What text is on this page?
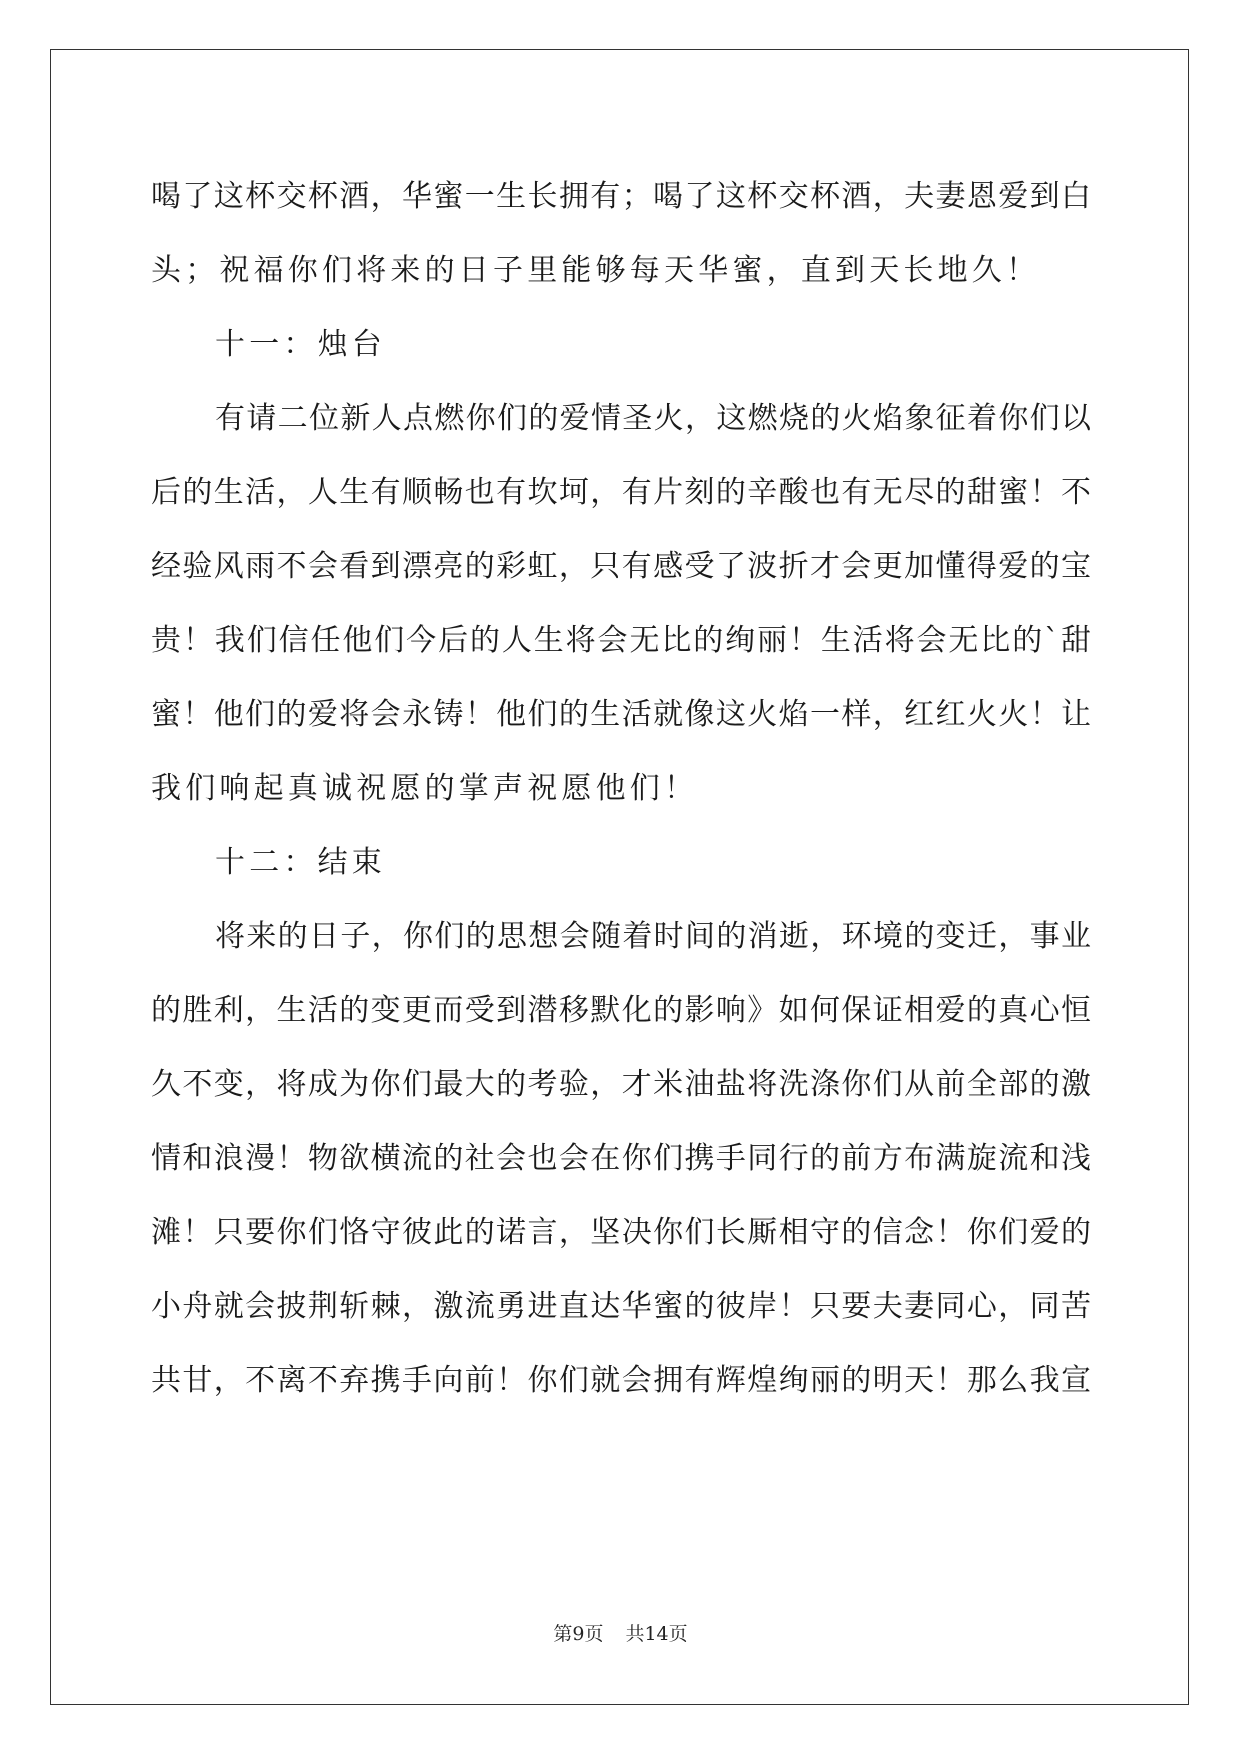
喝了这杯交杯酒，华蜜一生长拥有；喝了这杯交杯酒，夫妻恩爱到白
头；祝福你们将来的日子里能够每天华蜜，直到天长地久！
十一：烛台
有请二位新人点燃你们的爱情圣火，这燃烧的火焰象征着你们以
后的生活，人生有顺畅也有坎坷，有片刻的辛酸也有无尽的甜蜜！不
经验风雨不会看到漂亮的彩虹，只有感受了波折才会更加懂得爱的宝
贵！我们信任他们今后的人生将会无比的绚丽！生活将会无比的`甜
蜜！他们的爱将会永铸！他们的生活就像这火焰一样，红红火火！让
我们响起真诚祝愿的掌声祝愿他们！
十二：结束
将来的日子，你们的思想会随着时间的消逝，环境的变迁，事业
的胜利，生活的变更而受到潜移默化的影响》如何保证相爱的真心恒
久不变，将成为你们最大的考验，才米油盐将洗涤你们从前全部的激
情和浪漫！物欲横流的社会也会在你们携手同行的前方布满旋流和浅
滩！只要你们恪守彼此的诺言，坚决你们长厮相守的信念！你们爱的
小舟就会披荆斩棘，激流勇进直达华蜜的彼岸！只要夫妻同心，同苦
共甘，不离不弃携手向前！你们就会拥有辉煌绚丽的明天！那么我宣
第9页 共14页
